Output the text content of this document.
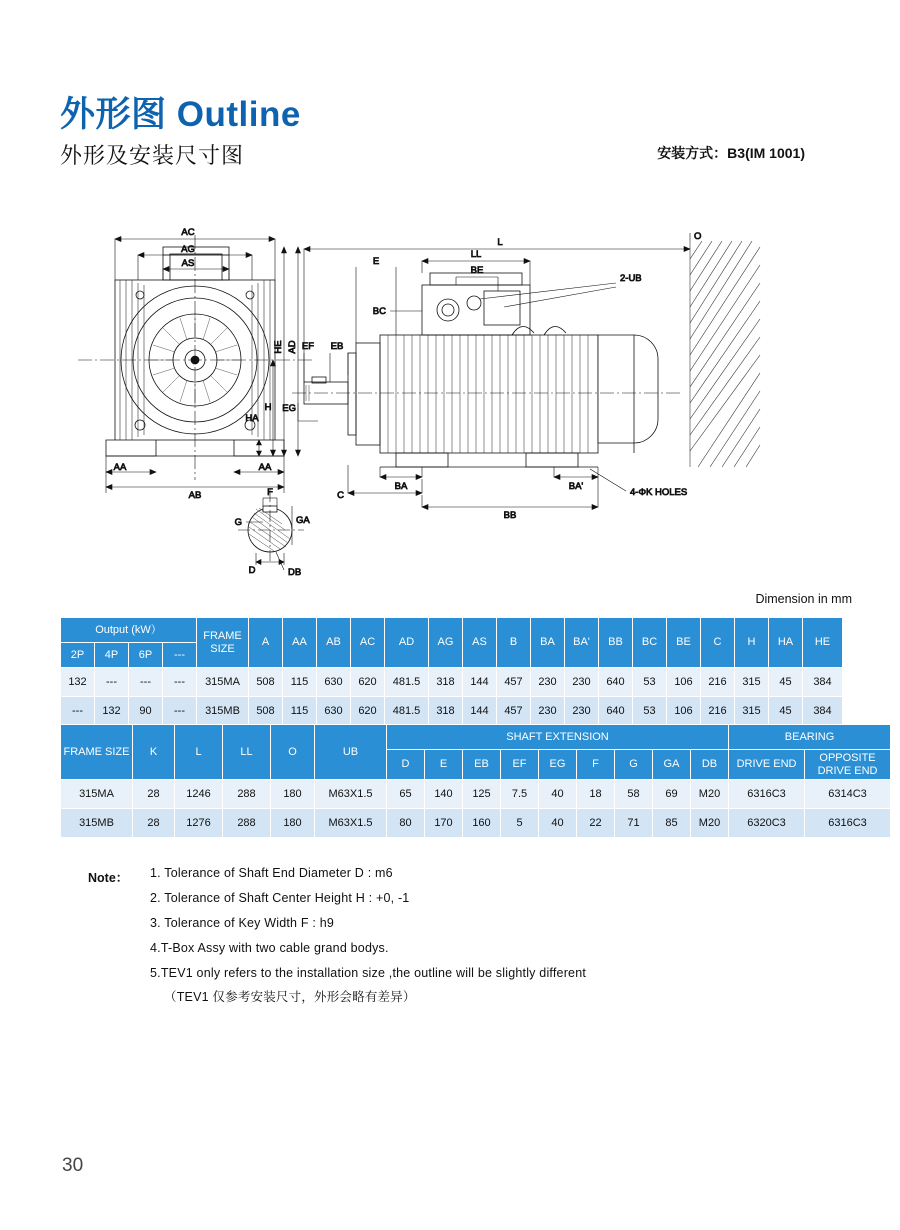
外形图 Outline
外形及安装尺寸图	安装方式：B3(IM 1001)
AC
AG
AS
HE AD
HA
H
AA	AA
AB	F
G	GA
D	DB
L
O
LL
BE
E
2-UB
BC
EF EB
EG
BA	BA'
4-ΦK HOLES
C
BB
Dimension in mm
Output (kW）				FRAME SIZE	A	AA	AB	AC	AD	AG	AS	B	BA	BA'	BB	BC	BE	C	H	HA	HE
2P	4P	6P	---																		
132	---	---	---	315MA	508	115	630	620	481.5	318	144	457	230	230	640	53	106	216	315	45	384
---	132	90	---	315MB	508	115	630	620	481.5	318	144	457	230	230	640	53	106	216	315	45	384
FRAME SIZE	K	L	LL	O	UB	SHAFT EXTENSION									BEARING	
						D	E	EB	EF	EG	F	G	GA	DB	DRIVE END	OPPOSITE DRIVE END
315MA	28	1246	288	180	M63X1.5	65	140	125	7.5	40	18	58	69	M20	6316C3	6314C3
315MB	28	1276	288	180	M63X1.5	80	170	160	5	40	22	71	85	M20	6320C3	6316C3
Note： 1. Tolerance of Shaft End Diameter D : m6
2. Tolerance of Shaft Center Height H : +0, -1
3. Tolerance of Key Width F : h9
4.T-Box Assy with two cable grand bodys.
5.TEV1 only refers to the installation size ,the outline will be slightly different
（TEV1 仅参考安装尺寸，外形会略有差异）
30
